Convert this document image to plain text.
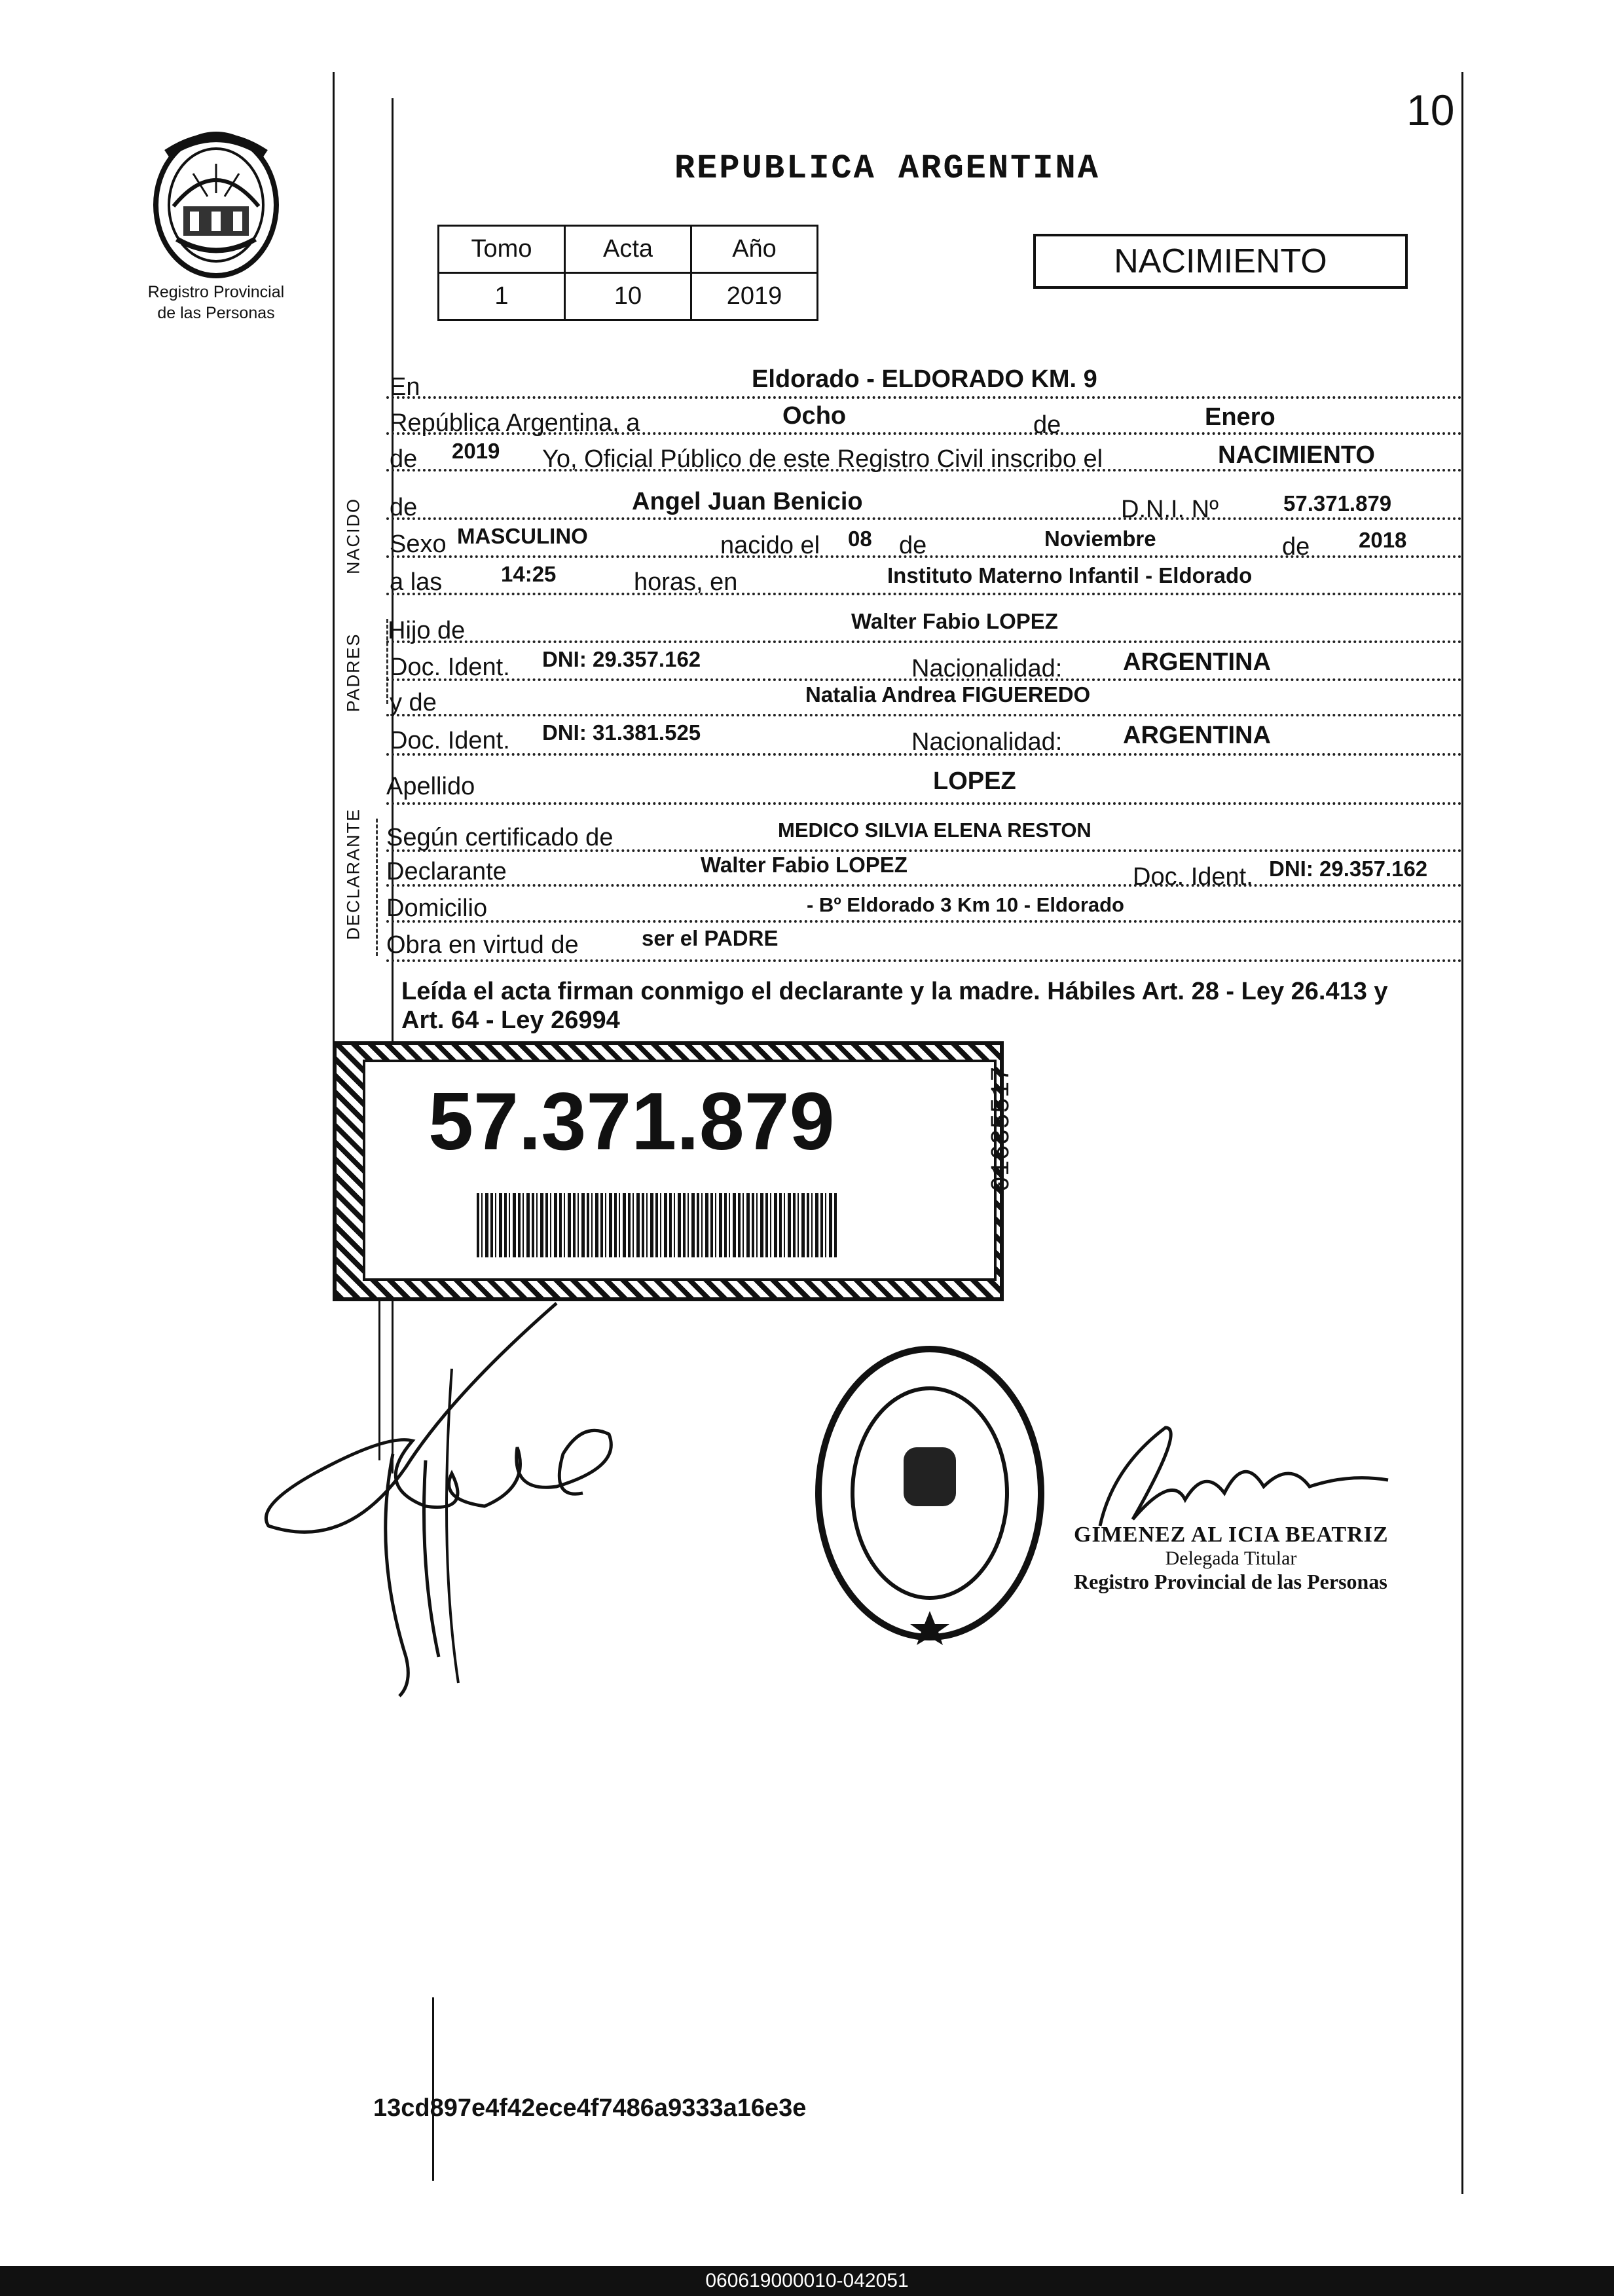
10
Registro Provincial
de las Personas
REPUBLICA ARGENTINA
Tomo	Acta	Año
1	10	2019
NACIMIENTO
NACIDO
PADRES
DECLARANTE
En	Eldorado - ELDORADO KM. 9
República Argentina, a	Ocho	de	Enero
de 2019 Yo, Oficial Público de este Registro Civil inscribo el	NACIMIENTO
de	Angel Juan Benicio	D.N.I. Nº	57.371.879
Sexo MASCULINO	nacido el 08 de	Noviembre	de 2018
a las	14:25	horas, en	Instituto Materno Infantil - Eldorado
Hijo de	Walter Fabio LOPEZ
Doc. Ident. DNI: 29.357.162	Nacionalidad: ARGENTINA
y de	Natalia Andrea FIGUEREDO
Doc. Ident. DNI: 31.381.525	Nacionalidad: ARGENTINA
Apellido	LOPEZ
Según certificado de	MEDICO SILVIA ELENA RESTON
Declarante	Walter Fabio LOPEZ	Doc. Ident. DNI: 29.357.162
Domicilio	- Bº Eldorado 3 Km 10 - Eldorado
Obra en virtud de	ser el PADRE
Leída el acta firman conmigo el declarante y la madre. Hábiles Art. 28 - Ley 26.413 y Art. 64 - Ley 26994
57.371.879	01635517
GIMENEZ AL ICIA BEATRIZ
Delegada Titular
Registro Provincial de las Personas
13cd897e4f42ece4f7486a9333a16e3e
060619000010-042051
